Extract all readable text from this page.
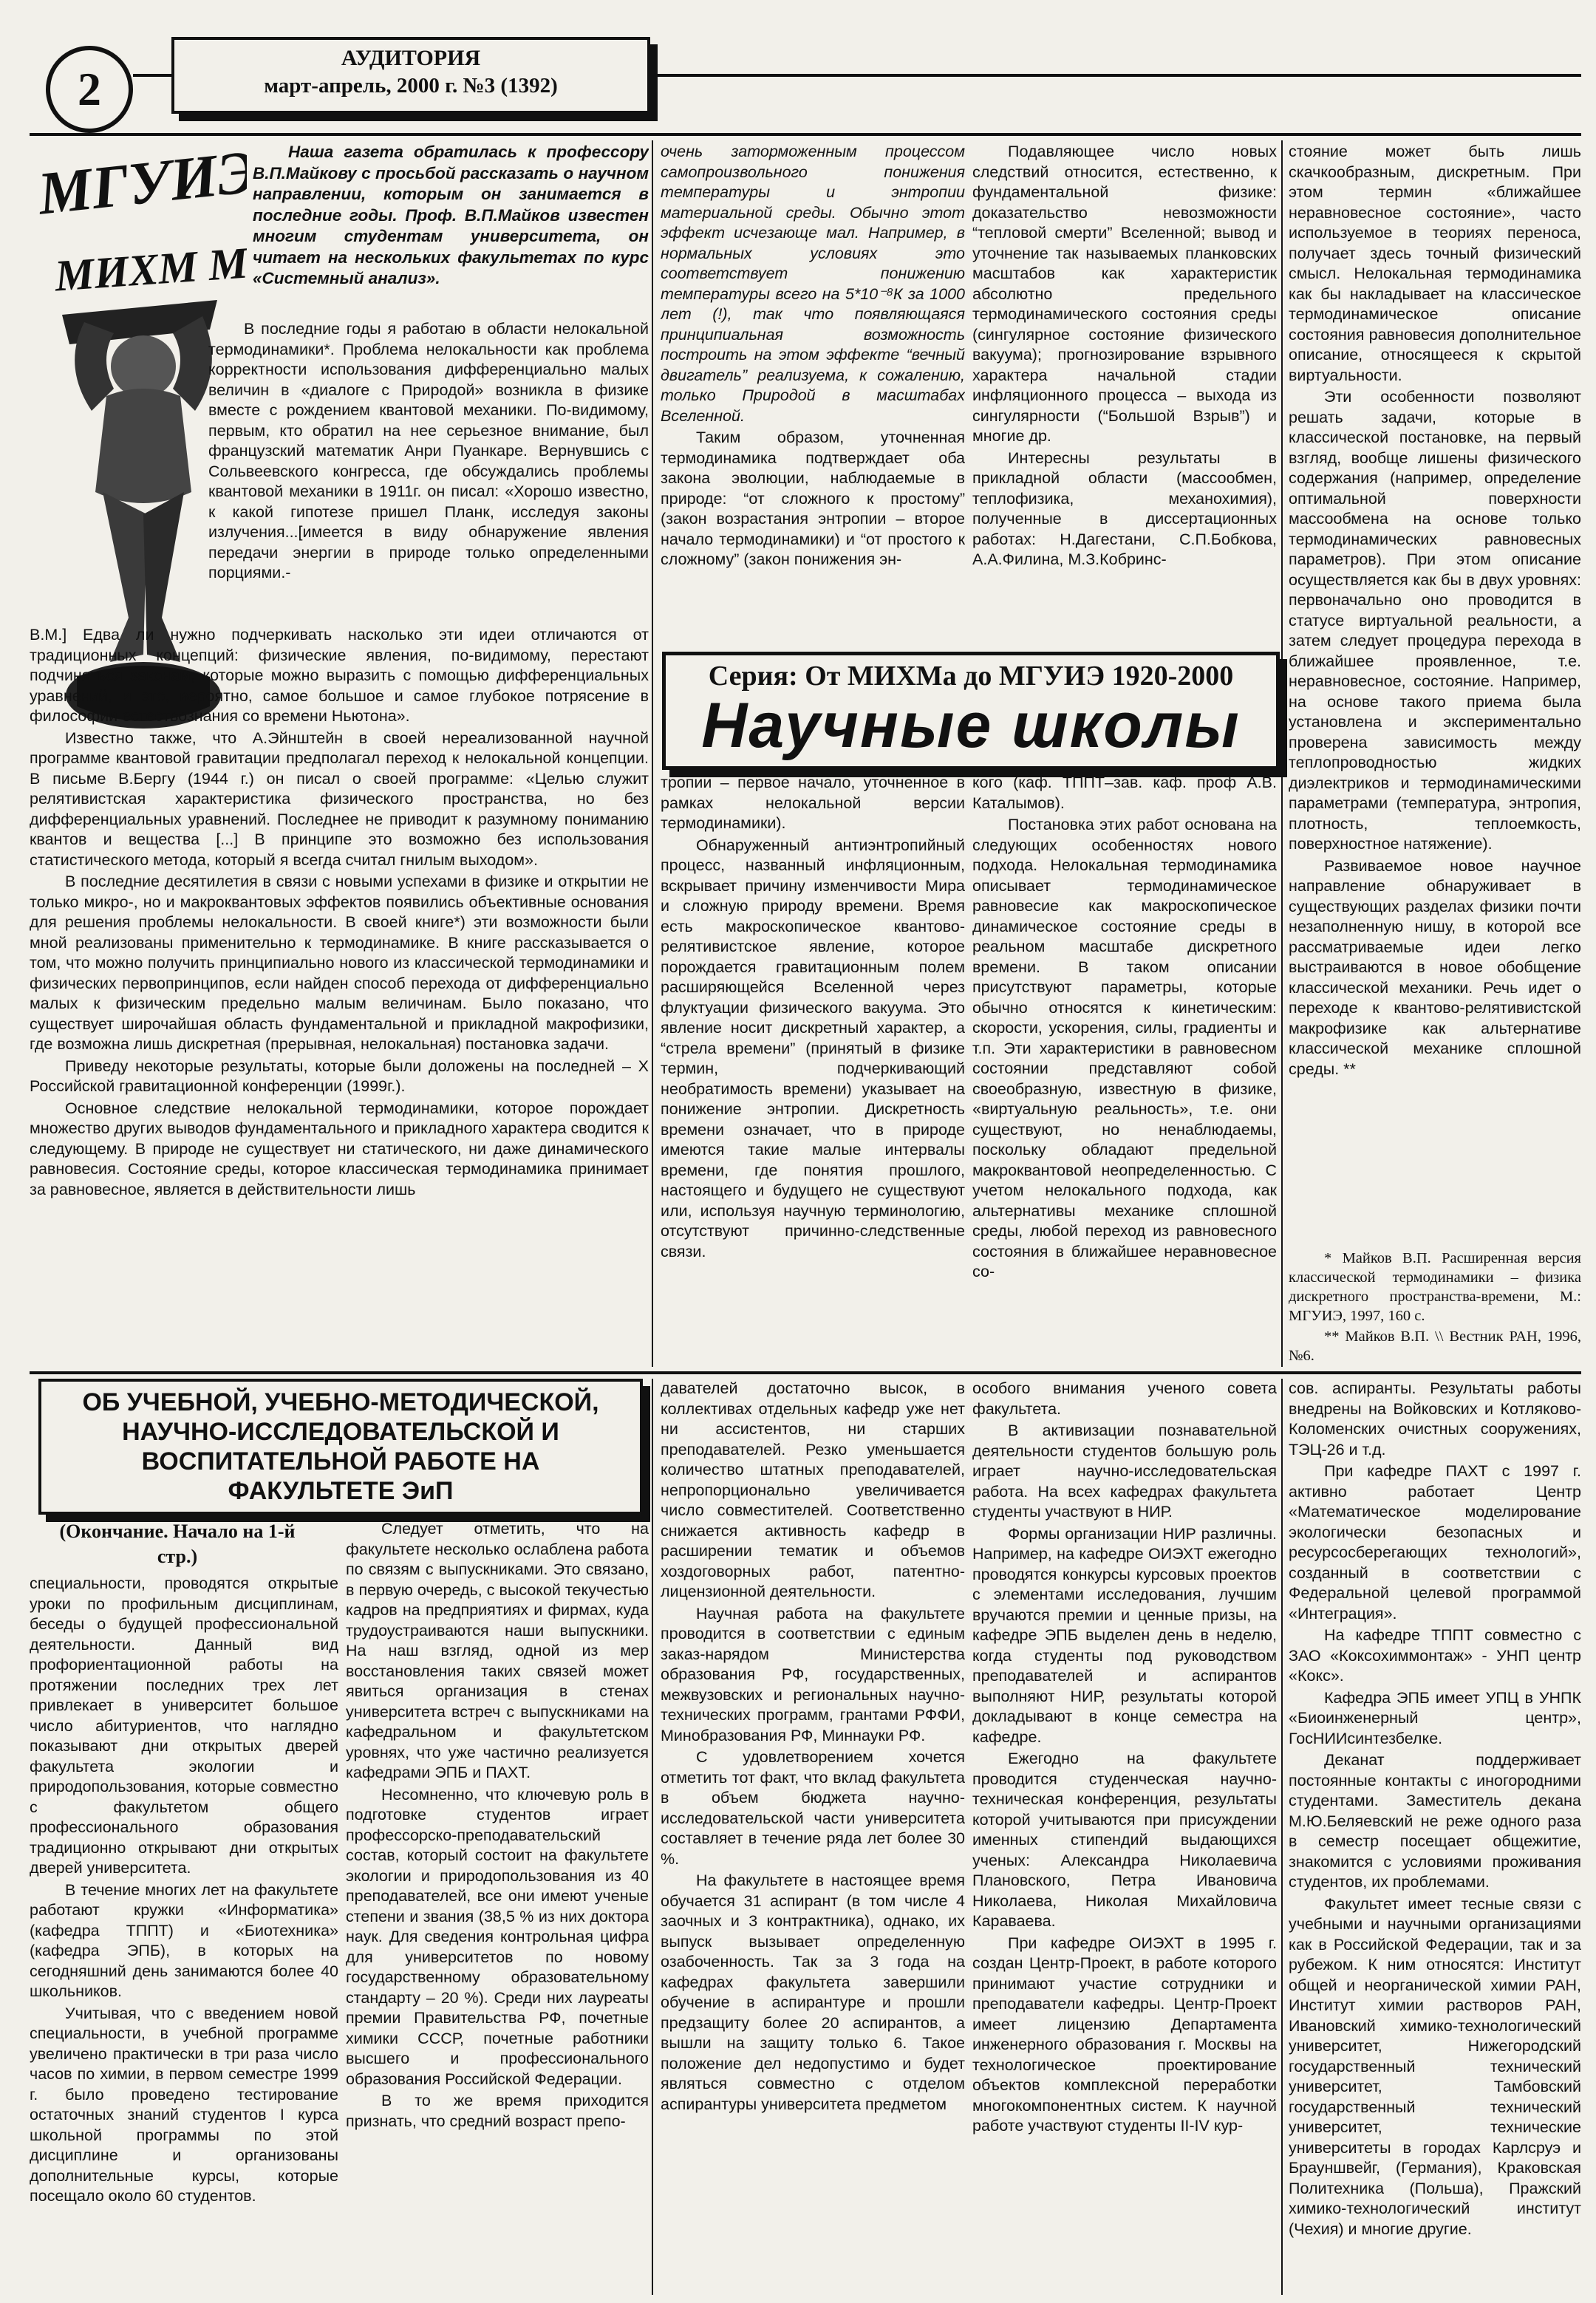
2
АУДИТОРИЯ
март-апрель, 2000 г. №3 (1392)
МГУИЭ
МИХМ МИХМ

Наша газета обратилась к профессору В.П.Майкову с просьбой рассказать о научном направлении, которым он занимается в последние годы. Проф. В.П.Майков известен многим студентам университета, он читает на нескольких факультетах по курс «Системный анализ».

В последние годы я работаю в области нелокальной термодинамики*. Проблема нелокальности как проблема корректности использования дифференциально малых величин в «диалоге с Природой» возникла в физике вместе с рождением квантовой механики. По-видимому, первым, кто обратил на нее серьезное внимание, был французский математик Анри Пуанкаре. Вернувшись с Сольвеевского конгресса, где обсуждались проблемы квантовой механики в 1911г. он писал: «Хорошо известно, к какой гипотезе пришел Планк, исследуя законы излучения...[имеется в виду обнаружение явления передачи энергии в природе только определенными порциями.-

В.М.] Едва ли нужно подчеркивать насколько эти идеи отличаются от традиционных концепций: физические явления, по-видимому, перестают подчиняться законам, которые можно выразить с помощью дифференциальных уравнений, и это, вероятно, самое большое и самое глубокое потрясение в философии естествознания со времени Ньютона».

Известно также, что А.Эйнштейн в своей нереализованной научной программе квантовой гравитации предполагал переход к нелокальной концепции. В письме В.Бергу (1944 г.) он писал о своей программе: «Целью служит релятивистская характеристика физического пространства, но без дифференциальных уравнений. Последнее не приводит к разумному пониманию квантов и вещества [...] В принципе это возможно без использования статистического метода, который я всегда считал гнилым выходом».

В последние десятилетия в связи с новыми успехами в физике и открытии не только микро-, но и макроквантовых эффектов появились объективные основания для решения проблемы нелокальности. В своей книге*) эти возможности были мной реализованы применительно к термодинамике. В книге рассказывается о том, что можно получить принципиально нового из классической термодинамики и физических первопринципов, если найден способ перехода от дифференциально малых к физическим предельно малым величинам. Было показано, что существует широчайшая область фундаментальной и прикладной макрофизики, где возможна лишь дискретная (прерывная, нелокальная) постановка задачи.

Приведу некоторые результаты, которые были доложены на последней – X Российской гравитационной конференции (1999г.).

Основное следствие нелокальной термодинамики, которое порождает множество других выводов фундаментального и прикладного характера сводится к следующему. В природе не существует ни статического, ни даже динамического равновесия. Состояние среды, которое классическая термодинамика принимает за равновесное, является в действительности лишь

очень заторможенным процессом самопроизвольного понижения температуры и энтропии материальной среды. Обычно этот эффект исчезающе мал. Например, в нормальных условиях это соответствует понижению температуры всего на 5*10⁻⁸К за 1000 лет (!), так что появляющаяся принципиальная возможность построить на этом эффекте “вечный двигатель” реализуема, к сожалению, только Природой в масштабах Вселенной.

Таким образом, уточненная термодинамика подтверждает оба закона эволюции, наблюдаемые в природе: “от сложного к простому” (закон возрастания энтропии – второе начало термодинамики) и “от простого к сложному” (закон понижения эн-

Подавляющее число новых следствий относится, естественно, к фундаментальной физике: доказательство невозможности “тепловой смерти” Вселенной; вывод и уточнение так называемых планковских масштабов как характеристик абсолютно предельного термодинамического состояния среды (сингулярное состояние физического вакуума); прогнозирование взрывного характера начальной стадии инфляционного процесса – выхода из сингулярности (“Большой Взрыв”) и многие др.

Интересны результаты в прикладной области (массообмен, теплофизика, механохимия), полученные в диссертационных работах: Н.Дагестани, С.П.Бобкова, А.А.Филина, М.З.Кобринс-

Серия: От МИХМа до МГУИЭ 1920-2000
Научные школы

тропии – первое начало, уточненное в рамках нелокальной версии термодинамики).

Обнаруженный антиэнтропийный процесс, названный инфляционным, вскрывает причину изменчивости Мира и сложную природу времени. Время есть макроскопическое квантово-релятивистское явление, которое порождается гравитационным полем расширяющейся Вселенной через флуктуации физического вакуума. Это явление носит дискретный характер, а “стрела времени” (принятый в физике термин, подчеркивающий необратимость времени) указывает на понижение энтропии. Дискретность времени означает, что в природе имеются такие малые интервалы времени, где понятия прошлого, настоящего и будущего не существуют или, используя научную терминологию, отсутствуют причинно-следственные связи.

кого (каф. ТППТ–зав. каф. проф А.В. Каталымов).

Постановка этих работ основана на следующих особенностях нового подхода. Нелокальная термодинамика описывает термодинамическое равновесие как макроскопическое динамическое состояние среды в реальном масштабе дискретного времени. В таком описании присутствуют параметры, которые обычно относятся к кинетическим: скорости, ускорения, силы, градиенты и т.п. Эти характеристики в равновесном состоянии представляют собой своеобразную, известную в физике, «виртуальную реальность», т.е. они существуют, но ненаблюдаемы, поскольку обладают предельной макроквантовой неопределенностью. С учетом нелокального подхода, как альтернативы механике сплошной среды, любой переход из равновесного состояния в ближайшее неравновесное со-

стояние может быть лишь скачкообразным, дискретным. При этом термин «ближайшее неравновесное состояние», часто используемое в теориях переноса, получает здесь точный физический смысл. Нелокальная термодинамика как бы накладывает на классическое термодинамическое описание состояния равновесия дополнительное описание, относящееся к скрытой виртуальности.

Эти особенности позволяют решать задачи, которые в классической постановке, на первый взгляд, вообще лишены физического содержания (например, определение оптимальной поверхности массообмена на основе только термодинамических равновесных параметров). При этом описание осуществляется как бы в двух уровнях: первоначально оно проводится в статусе виртуальной реальности, а затем следует процедура перехода в ближайшее проявленное, т.е. неравновесное, состояние. Например, на основе такого приема была установлена и экспериментально проверена зависимость между теплопроводностью жидких диэлектриков и термодинамическими параметрами (температура, энтропия, плотность, теплоемкость, поверхностное натяжение).

Развиваемое новое научное направление обнаруживает в существующих разделах физики почти незаполненную нишу, в которой все рассматриваемые идеи легко выстраиваются в новое обобщение классической механики. Речь идет о переходе к квантово-релятивистской макрофизике как альтернативе классической механике сплошной среды. **

* Майков В.П. Расширенная версия классической термодинамики – физика дискретного пространства-времени, М.: МГУИЭ, 1997, 160 с.

** Майков В.П. \\ Вестник РАН, 1996, №6.

ОБ УЧЕБНОЙ, УЧЕБНО-МЕТОДИЧЕСКОЙ, НАУЧНО-ИССЛЕДОВАТЕЛЬСКОЙ И ВОСПИТАТЕЛЬНОЙ РАБОТЕ НА ФАКУЛЬТЕТЕ ЭиП
(Окончание. Начало на 1-й стр.)

специальности, проводятся открытые уроки по профильным дисциплинам, беседы о будущей профессиональной деятельности. Данный вид профориентационной работы на протяжении последних трех лет привлекает в университет большое число абитуриентов, что наглядно показывают дни открытых дверей факультета экологии и природопользования, которые совместно с факультетом общего профессионального образования традиционно открывают дни открытых дверей университета.

В течение многих лет на факультете работают кружки «Информатика» (кафедра ТППТ) и «Биотехника» (кафедра ЭПБ), в которых на сегодняшний день занимаются более 40 школьников.

Учитывая, что с введением новой специальности, в учебной программе увеличено практически в три раза число часов по химии, в первом семестре 1999 г. было проведено тестирование остаточных знаний студентов I курса школьной программы по этой дисциплине и организованы дополнительные курсы, которые посещало около 60 студентов.

Следует отметить, что на факультете несколько ослаблена работа по связям с выпускниками. Это связано, в первую очередь, с высокой текучестью кадров на предприятиях и фирмах, куда трудоустраиваются наши выпускники. На наш взгляд, одной из мер восстановления таких связей может явиться организация в стенах университета встреч с выпускниками на кафедральном и факультетском уровнях, что уже частично реализуется кафедрами ЭПБ и ПАХТ.

Несомненно, что ключевую роль в подготовке студентов играет профессорско-преподавательский состав, который состоит на факультете экологии и природопользования из 40 преподавателей, все они имеют ученые степени и звания (38,5 % из них доктора наук. Для сведения контрольная цифра для университетов по новому государственному образовательному стандарту – 20 %). Среди них лауреаты премии Правительства РФ, почетные химики СССР, почетные работники высшего и профессионального образования Российской Федерации.

В то же время приходится признать, что средний возраст препо-

давателей достаточно высок, в коллективах отдельных кафедр уже нет ни ассистентов, ни старших преподавателей. Резко уменьшается количество штатных преподавателей, непропорционально увеличивается число совместителей. Соответственно снижается активность кафедр в расширении тематик и объемов хоздоговорных работ, патентно-лицензионной деятельности.

Научная работа на факультете проводится в соответствии с единым заказ-нарядом Министерства образования РФ, государственных, межвузовских и региональных научно-технических программ, грантами РФФИ, Минобразования РФ, Миннауки РФ.

С удовлетворением хочется отметить тот факт, что вклад факультета в объем бюджета научно-исследовательской части университета составляет в течение ряда лет более 30 %.

На факультете в настоящее время обучается 31 аспирант (в том числе 4 заочных и 3 контрактника), однако, их выпуск вызывает определенную озабоченность. Так за 3 года на кафедрах факультета завершили обучение в аспирантуре и прошли предзащиту более 20 аспирантов, а вышли на защиту только 6. Такое положение дел недопустимо и будет являться совместно с отделом аспирантуры университета предметом

особого внимания ученого совета факультета.

В активизации познавательной деятельности студентов большую роль играет научно-исследовательская работа. На всех кафедрах факультета студенты участвуют в НИР.

Формы организации НИР различны. Например, на кафедре ОИЭХТ ежегодно проводятся конкурсы курсовых проектов с элементами исследования, лучшим вручаются премии и ценные призы, на кафедре ЭПБ выделен день в неделю, когда студенты под руководством преподавателей и аспирантов выполняют НИР, результаты которой докладывают в конце семестра на кафедре.

Ежегодно на факультете проводится студенческая научно-техническая конференция, результаты которой учитываются при присуждении именных стипендий выдающихся ученых: Александра Николаевича Плановского, Петра Ивановича Николаева, Николая Михайловича Караваева.

При кафедре ОИЭХТ в 1995 г. создан Центр-Проект, в работе которого принимают участие сотрудники и преподаватели кафедры. Центр-Проект имеет лицензию Департамента инженерного образования г. Москвы на технологическое проектирование объектов комплексной переработки многокомпонентных систем. К научной работе участвуют студенты II-IV кур-

сов. аспиранты. Результаты работы внедрены на Войковских и Котляково-Коломенских очистных сооружениях, ТЭЦ-26 и т.д.

При кафедре ПАХТ с 1997 г. активно работает Центр «Математическое моделирование экологически безопасных и ресурсосберегающих технологий», созданный в соответствии с Федеральной целевой программой «Интеграция».

На кафедре ТППТ совместно с ЗАО «Коксохиммонтаж» - УНП центр «Кокс».

Кафедра ЭПБ имеет УПЦ в УНПК «Биоинженерный центр», ГосНИИсинтезбелке.

Деканат поддерживает постоянные контакты с иногородними студентами. Заместитель декана М.Ю.Беляевский не реже одного раза в семестр посещает общежитие, знакомится с условиями проживания студентов, их проблемами.

Факультет имеет тесные связи с учебными и научными организациями как в Российской Федерации, так и за рубежом. К ним относятся: Институт общей и неорганической химии РАН, Институт химии растворов РАН, Ивановский химико-технологический университет, Нижегородский государственный технический университет, Тамбовский государственный технический университет, технические университеты в городах Карлсруэ и Брауншвейг, (Германия), Краковская Политехника (Польша), Пражский химико-технологический институт (Чехия) и многие другие.
